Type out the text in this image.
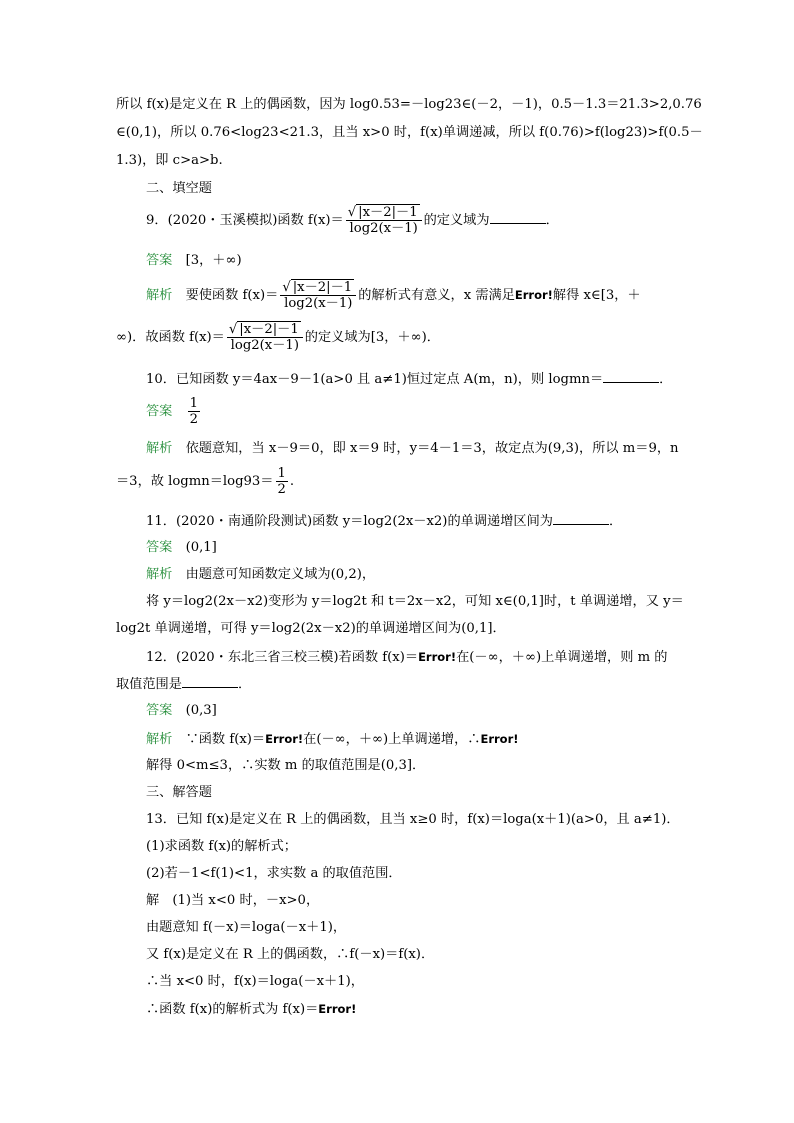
所以 f(x)是定义在 R 上的偶函数，因为 log0.53=－log23∈(－2，－1)，0.5－1.3＝21.3>2,0.76
∈(0,1)，所以 0.76<log23<21.3，且当 x>0 时，f(x)单调递减，所以 f(0.76)>f(log23)>f(0.5－
1.3)，即 c>a>b.
二、填空题
9．(2020・玉溪模拟)函数 $f(x)= \frac{√ |x-2|-1}{\log 2(x-1)}$ 的定义域为	．
答案　 [3，＋∞)
解析　 要使函数 $f(x)= \frac{√ |x-2|-1}{\log 2(x-1)}$ 的解析式有意义，x 需满足Error!解得 x∈[3，＋
∞)．故函数 $f(x)= \frac{√ |x-2|-1}{\log 2(x-1)}$ 的定义域为[3，＋∞)．
10．已知函数 y＝4ax－9－1(a>0 且 a≠1)恒过定点 A(m，n)，则 logmn＝	．
答案　 $\frac{1}{2}$
解析　 依题意知，当 x－9＝0，即 x＝9 时，y＝4－1＝3，故定点为(9,3)，所以 m＝9，n
＝3，故 logmn＝log93＝ $\frac{1}{2}$ .
11．(2020・南通阶段测试)函数 y＝log2(2x－x2)的单调递增区间为	．
答案　 (0,1]
解析　 由题意可知函数定义域为(0,2)，
将 y＝log2(2x－x2)变形为 y＝log2t 和 t＝2x－x2，可知 x∈(0,1]时，t 单调递增，又 y＝
log2t 单调递增，可得 y＝log2(2x－x2)的单调递增区间为(0,1]．
12．(2020・东北三省三校三模)若函数 f(x)＝Error!在(－∞，＋∞)上单调递增，则 m 的
取值范围是	．
答案　 (0,3]
解析　 ∵函数 f(x)＝Error!在(－∞，＋∞)上单调递增，∴Error!
解得 0<m≤3，∴实数 m 的取值范围是(0,3]．
三、解答题
13．已知 f(x)是定义在 R 上的偶函数，且当 x≥0 时，f(x)＝loga(x＋1)(a>0，且 a≠1)．
(1)求函数 f(x)的解析式；
(2)若－1<f(1)<1，求实数 a 的取值范围．
解　(1)当 x<0 时，－x>0，
由题意知 f(－x)＝loga(－x＋1)，
又 f(x)是定义在 R 上的偶函数，∴f(－x)＝f(x)．
∴当 x<0 时，f(x)＝loga(－x＋1)，
∴函数 f(x)的解析式为 f(x)＝Error!
